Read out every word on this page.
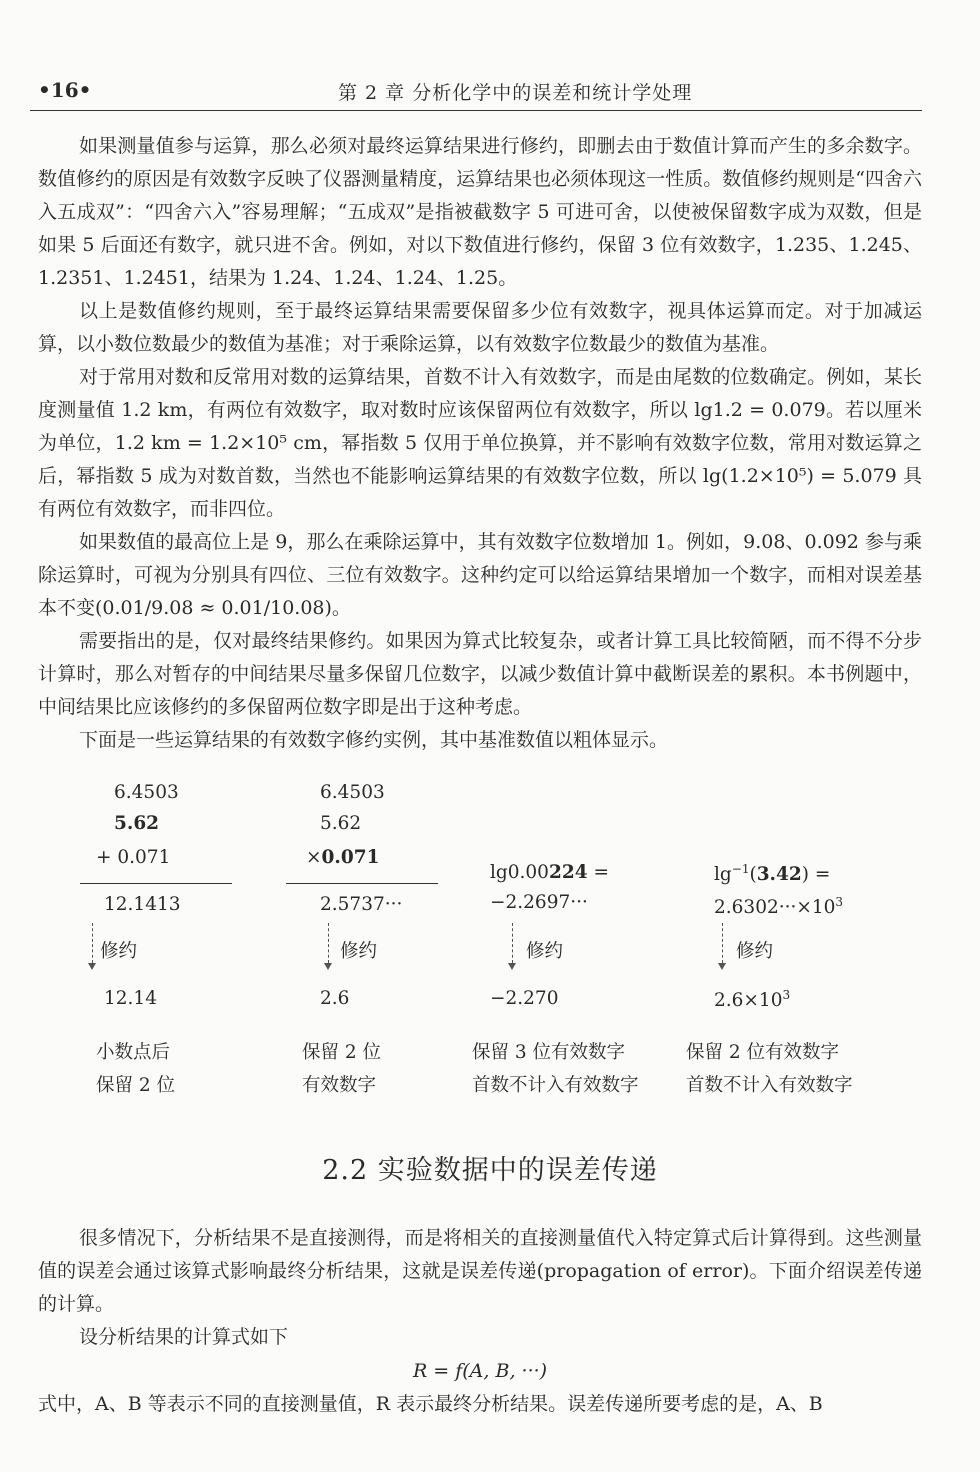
•16•	第 2 章 分析化学中的误差和统计学处理

如果测量值参与运算，那么必须对最终运算结果进行修约，即删去由于数值计算而产生的多余数字。数值修约的原因是有效数字反映了仪器测量精度，运算结果也必须体现这一性质。数值修约规则是“四舍六入五成双”：“四舍六入”容易理解；“五成双”是指被截数字 5 可进可舍，以使被保留数字成为双数，但是如果 5 后面还有数字，就只进不舍。例如，对以下数值进行修约，保留 3 位有效数字，1.235、1.245、1.2351、1.2451，结果为 1.24、1.24、1.24、1.25。

以上是数值修约规则，至于最终运算结果需要保留多少位有效数字，视具体运算而定。对于加减运算，以小数位数最少的数值为基准；对于乘除运算，以有效数字位数最少的数值为基准。

对于常用对数和反常用对数的运算结果，首数不计入有效数字，而是由尾数的位数确定。例如，某长度测量值 1.2 km，有两位有效数字，取对数时应该保留两位有效数字，所以 lg1.2 = 0.079。若以厘米为单位，1.2 km = 1.2×10⁵ cm，幂指数 5 仅用于单位换算，并不影响有效数字位数，常用对数运算之后，幂指数 5 成为对数首数，当然也不能影响运算结果的有效数字位数，所以 lg(1.2×10⁵) = 5.079 具有两位有效数字，而非四位。

如果数值的最高位上是 9，那么在乘除运算中，其有效数字位数增加 1。例如，9.08、0.092 参与乘除运算时，可视为分别具有四位、三位有效数字。这种约定可以给运算结果增加一个数字，而相对误差基本不变(0.01/9.08 ≈ 0.01/10.08)。

需要指出的是，仅对最终结果修约。如果因为算式比较复杂，或者计算工具比较简陋，而不得不分步计算时，那么对暂存的中间结果尽量多保留几位数字，以减少数值计算中截断误差的累积。本书例题中，中间结果比应该修约的多保留两位数字即是出于这种考虑。

下面是一些运算结果的有效数字修约实例，其中基准数值以粗体显示。

6.4503
5.62
+ 0.071
12.1413
修约
12.14
小数点后
保留 2 位
6.4503
5.62
×0.071
2.5737···
修约
2.6
保留 2 位
有效数字
lg0.00224 =
−2.2697···
修约
−2.270
保留 3 位有效数字
首数不计入有效数字
$\lg^{-1}(3.42)$ =
$2.6302\cdot\cdot\cdot\times 10^3$
修约
$2.6\times 10^3$
保留 2 位有效数字
首数不计入有效数字
2.2 实验数据中的误差传递

很多情况下，分析结果不是直接测得，而是将相关的直接测量值代入特定算式后计算得到。这些测量值的误差会通过该算式影响最终分析结果，这就是误差传递(propagation of error)。下面介绍误差传递的计算。

设分析结果的计算式如下

R = f(A, B, ···)

式中，A、B 等表示不同的直接测量值，R 表示最终分析结果。误差传递所要考虑的是，A、B
